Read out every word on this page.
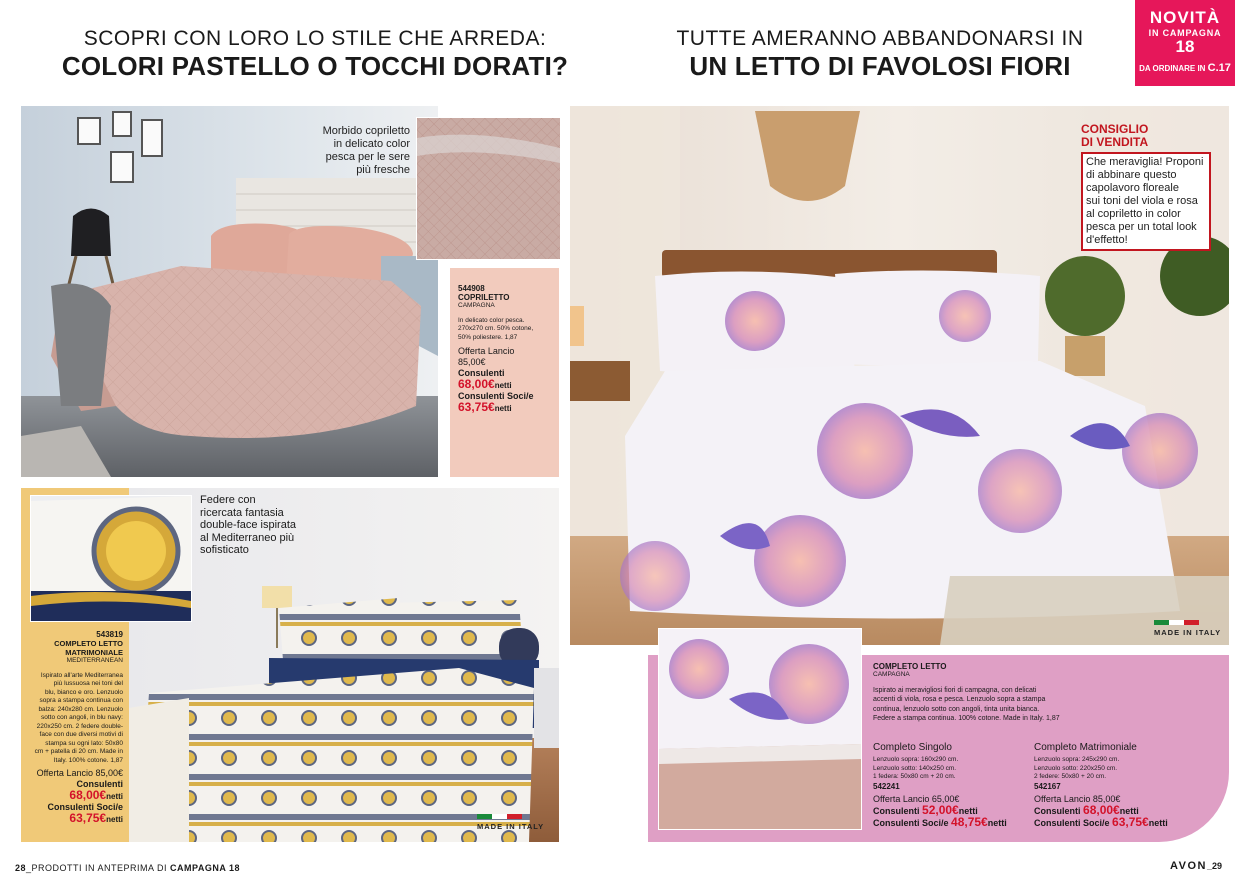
SCOPRI CON LORO LO STILE CHE ARREDA:
COLORI PASTELLO O TOCCHI DORATI?
Morbido copriletto
in delicato color
pesca per le sere
più fresche
544908
COPRILETTO
CAMPAGNA
In delicato color pesca.
270x270 cm. 50% cotone,
50% poliestere. 1,87
Offerta Lancio
85,00€
Consulenti
68,00€netti
Consulenti Soci/e
63,75€netti
543819
COMPLETO LETTO
MATRIMONIALE
MEDITERRANEAN
Ispirato all'arte Mediterranea
più lussuosa nei toni del
blu, bianco e oro. Lenzuolo
sopra a stampa continua con
balza: 240x280 cm. Lenzuolo
sotto con angoli, in blu navy:
220x250 cm. 2 federe double-
face con due diversi motivi di
stampa su ogni lato: 50x80
cm + patella di 20 cm. Made in
Italy. 100% cotone. 1,87
Offerta Lancio 85,00€
Consulenti
68,00€netti
Consulenti Soci/e
63,75€netti
Federe con
ricercata fantasia
double-face ispirata
al Mediterraneo più
sofisticato
MADE IN ITALY
28_PRODOTTI IN ANTEPRIMA DI CAMPAGNA 18
TUTTE AMERANNO ABBANDONARSI IN
UN LETTO DI FAVOLOSI FIORI
NOVITÀ
IN CAMPAGNA
18
DA ORDINARE IN C.17
CONSIGLIO
DI VENDITA
Che meraviglia! Proponi
di abbinare questo
capolavoro floreale
sui toni del viola e rosa
al copriletto in color
pesca per un total look
d'effetto!
MADE IN ITALY
COMPLETO LETTO
CAMPAGNA
Ispirato ai meravigliosi fiori di campagna, con delicati
accenti di viola, rosa e pesca. Lenzuolo sopra a stampa
continua, lenzuolo sotto con angoli, tinta unita bianca.
Federe a stampa continua. 100% cotone. Made in Italy. 1,87
Completo Singolo
Lenzuolo sopra: 160x290 cm.
Lenzuolo sotto: 140x250 cm.
1 federa: 50x80 cm + 20 cm.
542241
Offerta Lancio 65,00€
Consulenti 52,00€netti
Consulenti Soci/e 48,75€netti
Completo Matrimoniale
Lenzuolo sopra: 245x290 cm.
Lenzuolo sotto: 220x250 cm.
2 federe: 50x80 + 20 cm.
542167
Offerta Lancio 85,00€
Consulenti 68,00€netti
Consulenti Soci/e 63,75€netti
AVON_29
